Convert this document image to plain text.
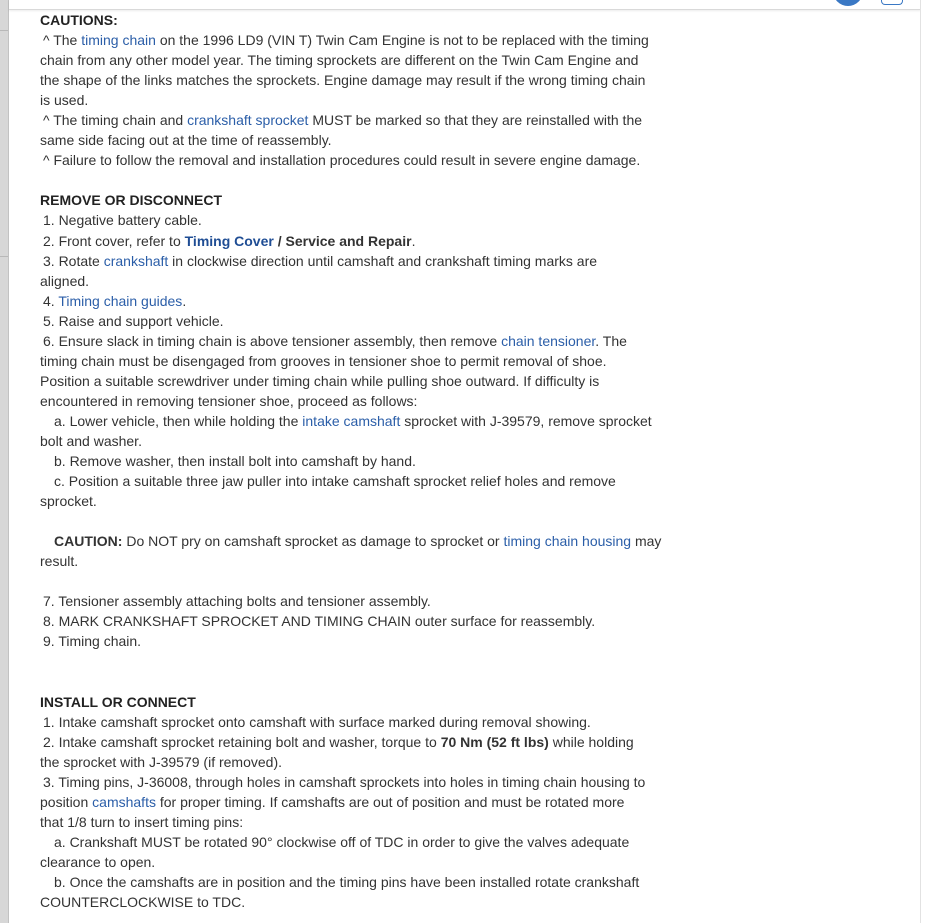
CAUTIONS:
^ The timing chain on the 1996 LD9 (VIN T) Twin Cam Engine is not to be replaced with the timing
chain from any other model year. The timing sprockets are different on the Twin Cam Engine and
the shape of the links matches the sprockets. Engine damage may result if the wrong timing chain
is used.
^ The timing chain and crankshaft sprocket MUST be marked so that they are reinstalled with the
same side facing out at the time of reassembly.
^ Failure to follow the removal and installation procedures could result in severe engine damage.
REMOVE OR DISCONNECT
1. Negative battery cable.
2. Front cover, refer to Timing Cover / Service and Repair.
3. Rotate crankshaft in clockwise direction until camshaft and crankshaft timing marks are
aligned.
4. Timing chain guides.
5. Raise and support vehicle.
6. Ensure slack in timing chain is above tensioner assembly, then remove chain tensioner. The
timing chain must be disengaged from grooves in tensioner shoe to permit removal of shoe.
Position a suitable screwdriver under timing chain while pulling shoe outward. If difficulty is
encountered in removing tensioner shoe, proceed as follows:
a. Lower vehicle, then while holding the intake camshaft sprocket with J-39579, remove sprocket
bolt and washer.
b. Remove washer, then install bolt into camshaft by hand.
c. Position a suitable three jaw puller into intake camshaft sprocket relief holes and remove
sprocket.
CAUTION: Do NOT pry on camshaft sprocket as damage to sprocket or timing chain housing may
result.
7. Tensioner assembly attaching bolts and tensioner assembly.
8. MARK CRANKSHAFT SPROCKET AND TIMING CHAIN outer surface for reassembly.
9. Timing chain.
INSTALL OR CONNECT
1. Intake camshaft sprocket onto camshaft with surface marked during removal showing.
2. Intake camshaft sprocket retaining bolt and washer, torque to 70 Nm (52 ft lbs) while holding
the sprocket with J-39579 (if removed).
3. Timing pins, J-36008, through holes in camshaft sprockets into holes in timing chain housing to
position camshafts for proper timing. If camshafts are out of position and must be rotated more
that 1/8 turn to insert timing pins:
a. Crankshaft MUST be rotated 90° clockwise off of TDC in order to give the valves adequate
clearance to open.
b. Once the camshafts are in position and the timing pins have been installed rotate crankshaft
COUNTERCLOCKWISE to TDC.
